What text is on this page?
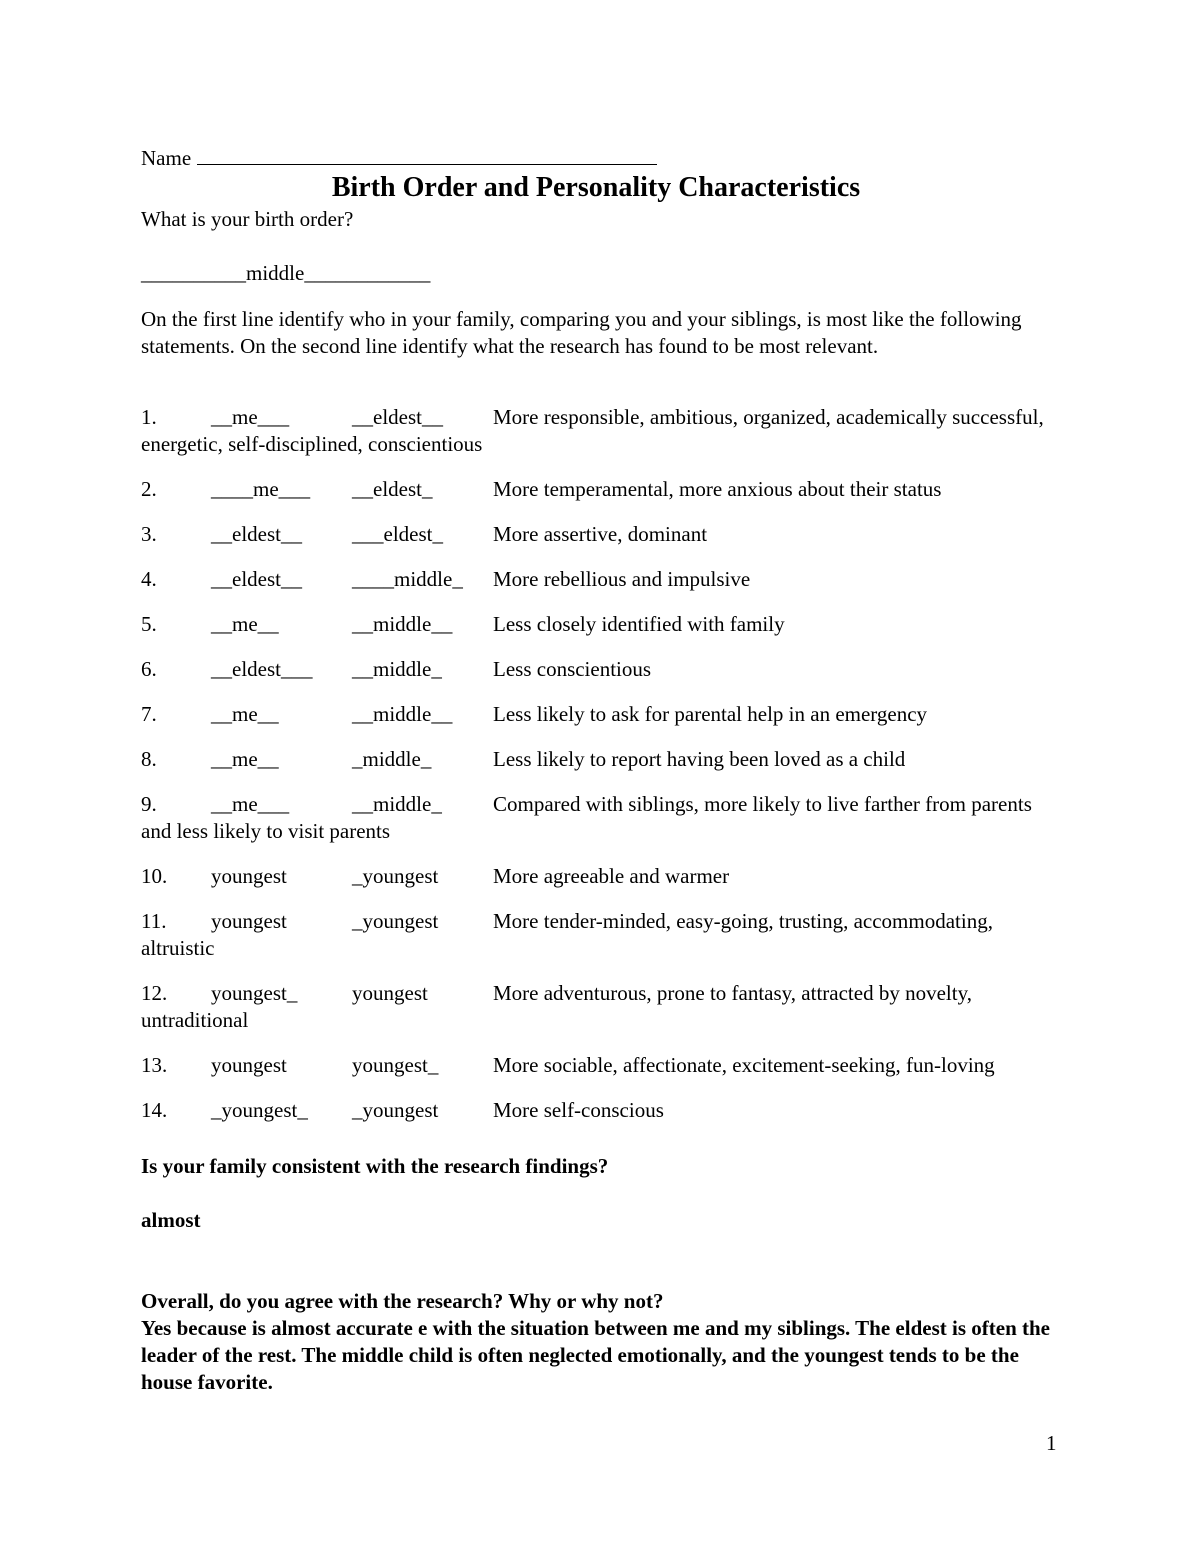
Name
Birth Order and Personality Characteristics
What is your birth order?
__________middle____________
On the first line identify who in your family, comparing you and your siblings, is most like the following statements. On the second line identify what the research has found to be most relevant.
1.	__me___	__eldest__ More responsible, ambitious, organized, academically successful, energetic, self-disciplined, conscientious
2.	____me___ __eldest_	More temperamental, more anxious about their status
3.	__eldest__ ___eldest_ More assertive, dominant
4.	__eldest__ ____middle_ More rebellious and impulsive
5.	__me__	__middle__ Less closely identified with family
6.	__eldest___ __middle_ Less conscientious
7.	__me__	__middle__ Less likely to ask for parental help in an emergency
8.	__me__	_middle_	Less likely to report having been loved as a child
9.	__me___	__middle_ Compared with siblings, more likely to live farther from parents and less likely to visit parents
10. youngest	_youngest	More agreeable and warmer
11. youngest	_youngest	More tender-minded, easy-going, trusting, accommodating, altruistic
12. youngest_	youngest	More adventurous, prone to fantasy, attracted by novelty, untraditional
13. youngest	youngest_	More sociable, affectionate, excitement-seeking, fun-loving
14. _youngest_ _youngest	More self-conscious
Is your family consistent with the research findings?
almost
Overall, do you agree with the research? Why or why not?
Yes because is almost accurate e with the situation between me and my siblings. The eldest is often the leader of the rest. The middle child is often neglected emotionally, and the youngest tends to be the house favorite.
1
